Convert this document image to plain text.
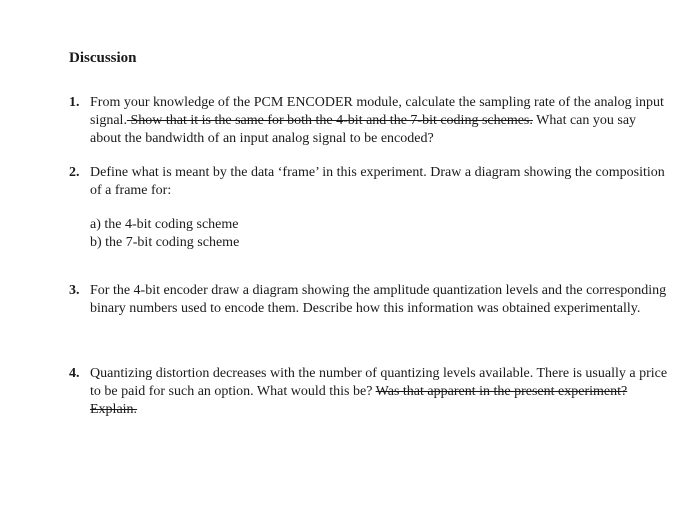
Discussion
1. From your knowledge of the PCM ENCODER module, calculate the sampling rate of the analog input signal. Show that it is the same for both the 4-bit and the 7-bit coding schemes. What can you say about the bandwidth of an input analog signal to be encoded?
2. Define what is meant by the data ‘frame’ in this experiment. Draw a diagram showing the composition of a frame for:
a) the 4-bit coding scheme
b) the 7-bit coding scheme
3. For the 4-bit encoder draw a diagram showing the amplitude quantization levels and the corresponding binary numbers used to encode them. Describe how this information was obtained experimentally.
4. Quantizing distortion decreases with the number of quantizing levels available. There is usually a price to be paid for such an option. What would this be? Was that apparent in the present experiment? Explain.
